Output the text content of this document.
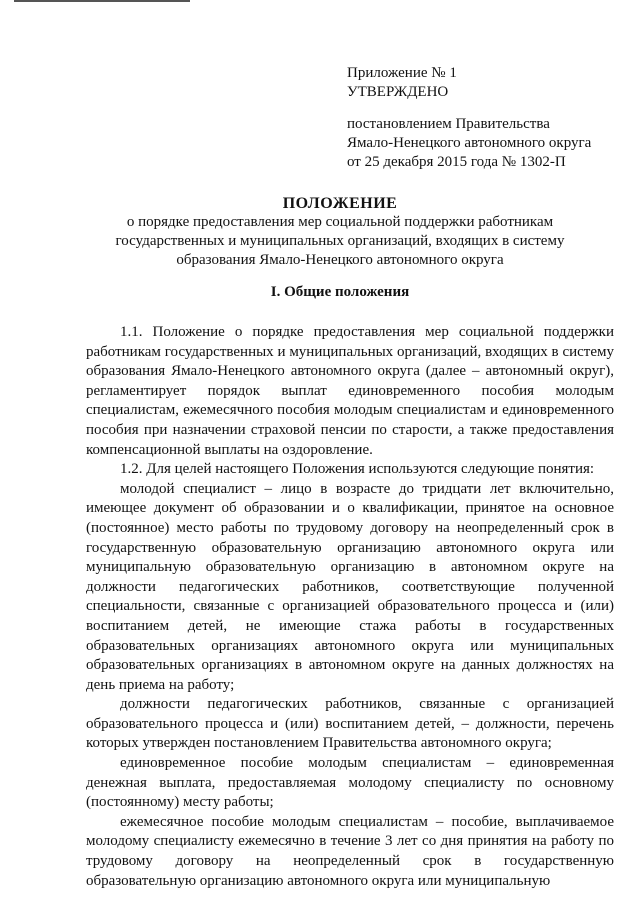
Приложение № 1
УТВЕРЖДЕНО
постановлением Правительства
Ямало-Ненецкого автономного округа
от 25 декабря 2015 года № 1302-П
ПОЛОЖЕНИЕ
о порядке предоставления мер социальной поддержки работникам
государственных и муниципальных организаций, входящих в систему
образования Ямало-Ненецкого автономного округа
I. Общие положения

1.1. Положение о порядке предоставления мер социальной поддержки работникам государственных и муниципальных организаций, входящих в систему образования Ямало-Ненецкого автономного округа (далее – автономный округ), регламентирует порядок выплат единовременного пособия молодым специалистам, ежемесячного пособия молодым специалистам и единовременного пособия при назначении страховой пенсии по старости, а также предоставления компенсационной выплаты на оздоровление.

1.2. Для целей настоящего Положения используются следующие понятия:

молодой специалист – лицо в возрасте до тридцати лет включительно, имеющее документ об образовании и о квалификации, принятое на основное (постоянное) место работы по трудовому договору на неопределенный срок в государственную образовательную организацию автономного округа или муниципальную образовательную организацию в автономном округе на должности педагогических работников, соответствующие полученной специальности, связанные с организацией образовательного процесса и (или) воспитанием детей, не имеющие стажа работы в государственных образовательных организациях автономного округа или муниципальных образовательных организациях в автономном округе на данных должностях на день приема на работу;

должности педагогических работников, связанные с организацией образовательного процесса и (или) воспитанием детей, – должности, перечень которых утвержден постановлением Правительства автономного округа;

единовременное пособие молодым специалистам – единовременная денежная выплата, предоставляемая молодому специалисту по основному (постоянному) месту работы;

ежемесячное пособие молодым специалистам – пособие, выплачиваемое молодому специалисту ежемесячно в течение 3 лет со дня принятия на работу по трудовому договору на неопределенный срок в государственную образовательную организацию автономного округа или муниципальную
